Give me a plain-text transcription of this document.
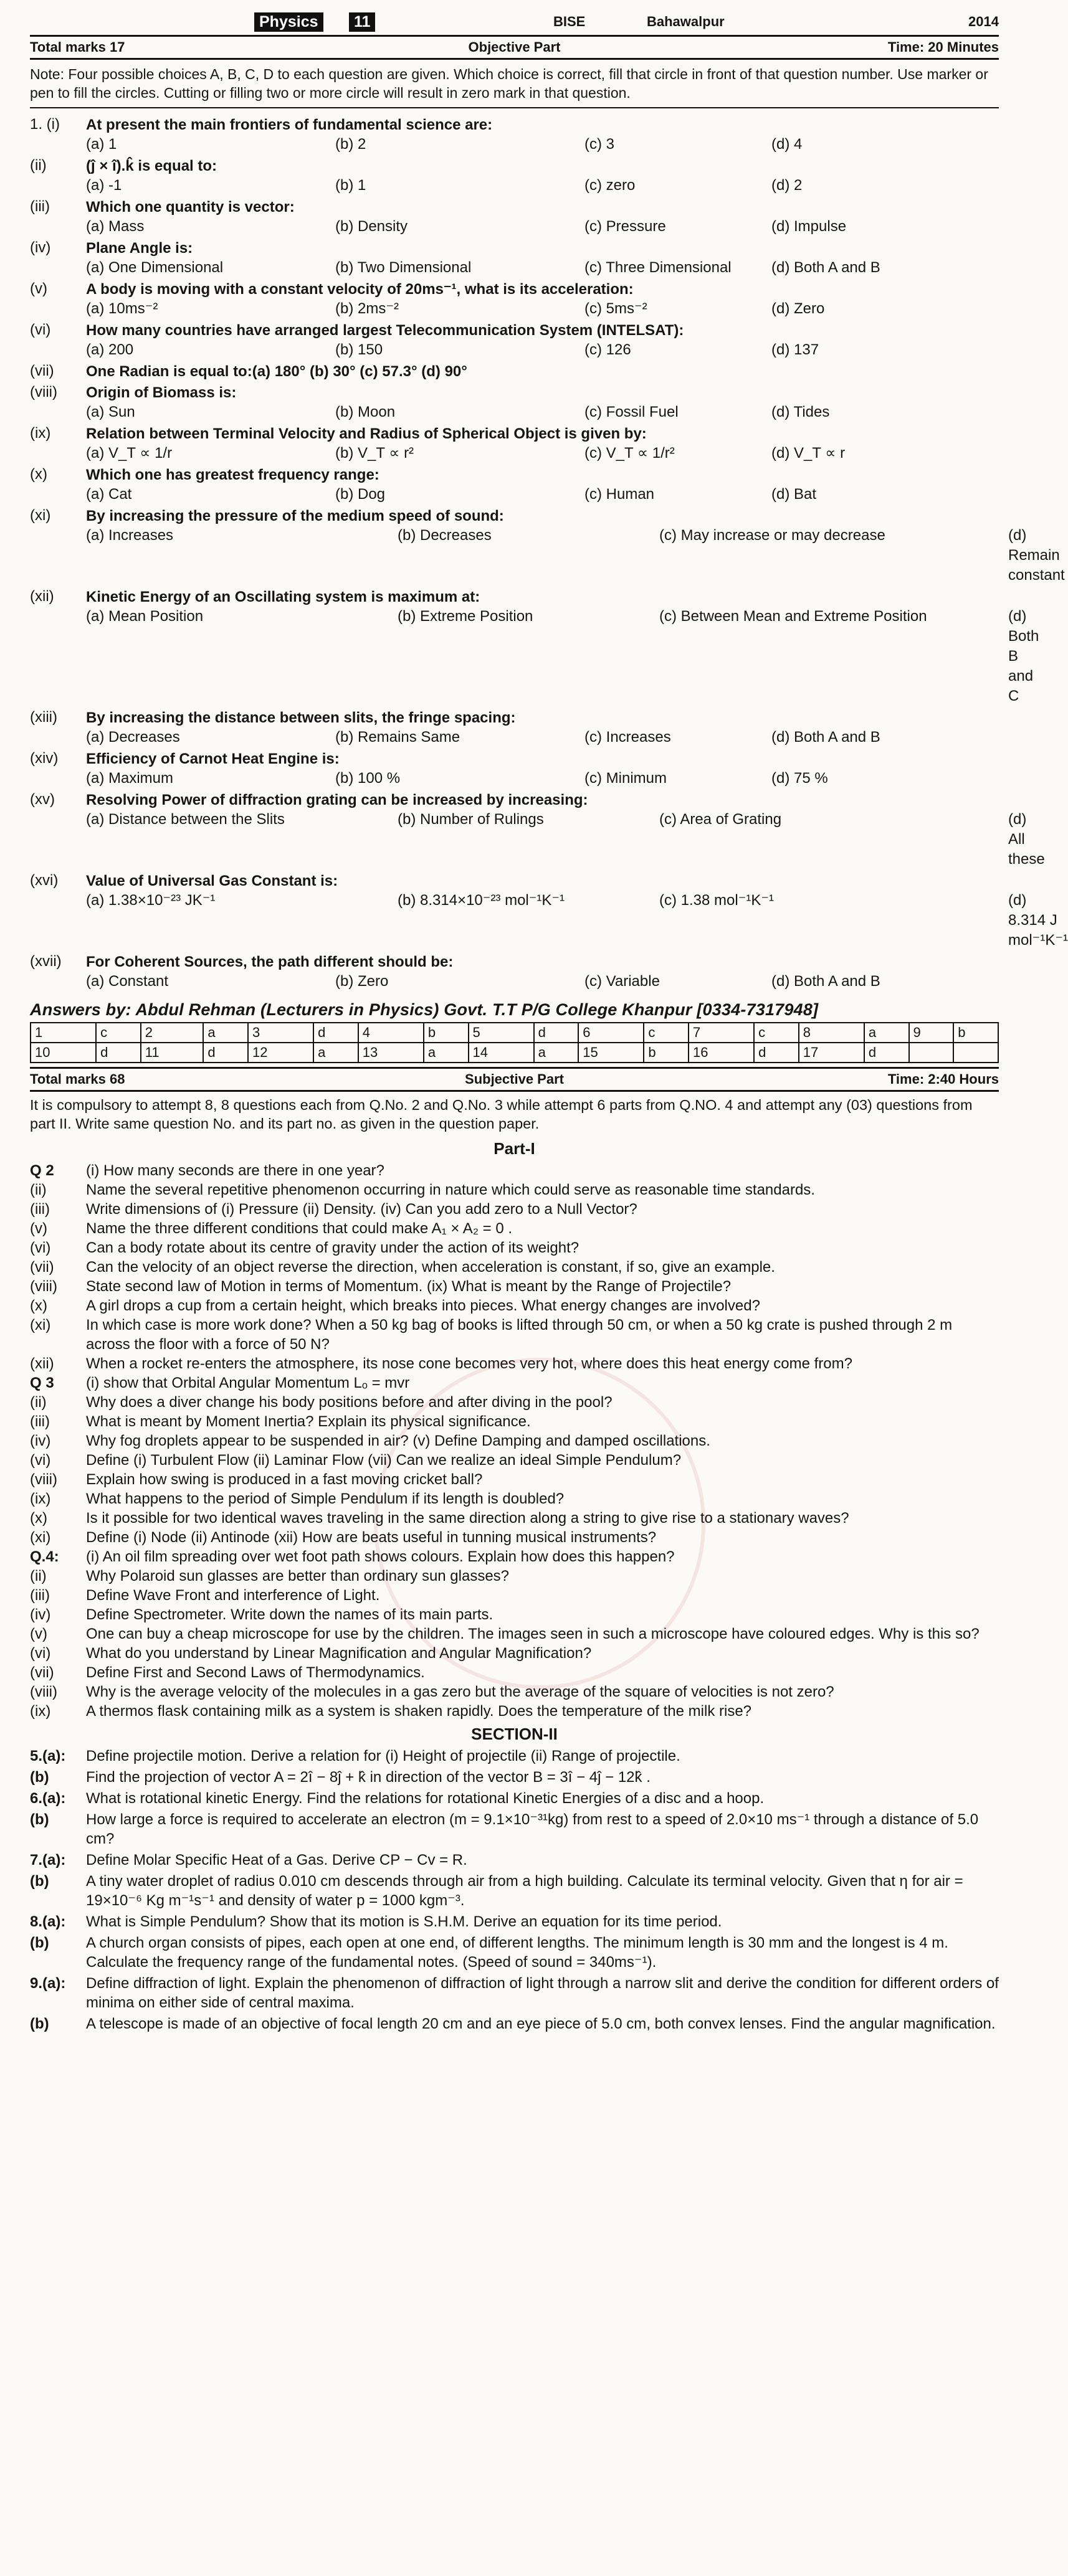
Physics	11	BISE	Bahawalpur	2014
Total marks 17	Objective Part	Time: 20 Minutes
Note: Four possible choices A, B, C, D to each question are given. Which choice is correct, fill that circle in front of that question number. Use marker or pen to fill the circles. Cutting or filling two or more circle will result in zero mark in that question.
1. (i)	At present the main frontiers of fundamental science are:
(a) 1	(b) 2	(c) 3	(d) 4
(ii)	(ĵ × î).k̂ is equal to:
(a) -1	(b) 1	(c) zero	(d) 2
(iii)	Which one quantity is vector:
(a) Mass	(b) Density	(c) Pressure	(d) Impulse
(iv)	Plane Angle is:
(a) One Dimensional	(b) Two Dimensional	(c) Three Dimensional	(d) Both A and B
(v)	A body is moving with a constant velocity of 20ms⁻¹, what is its acceleration:
(a) 10ms⁻²	(b) 2ms⁻²	(c) 5ms⁻²	(d) Zero
(vi)	How many countries have arranged largest Telecommunication System (INTELSAT):
(a) 200	(b) 150	(c) 126	(d) 137
(vii)	One Radian is equal to:(a) 180° (b) 30° (c) 57.3° (d) 90°
(viii)	Origin of Biomass is:
(a) Sun	(b) Moon	(c) Fossil Fuel	(d) Tides
(ix)	Relation between Terminal Velocity and Radius of Spherical Object is given by:
(a) V_T ∝ 1/r	(b) V_T ∝ r²	(c) V_T ∝ 1/r²	(d) V_T ∝ r
(x)	Which one has greatest frequency range:
(a) Cat	(b) Dog	(c) Human	(d) Bat
(xi)	By increasing the pressure of the medium speed of sound:
(a) Increases	(b) Decreases	(c) May increase or may decrease	(d) Remain constant
(xii)	Kinetic Energy of an Oscillating system is maximum at:
(a) Mean Position	(b) Extreme Position	(c) Between Mean and Extreme Position	(d) Both B and C
(xiii)	By increasing the distance between slits, the fringe spacing:
(a) Decreases	(b) Remains Same	(c) Increases	(d) Both A and B
(xiv)	Efficiency of Carnot Heat Engine is:
(a) Maximum	(b) 100 %	(c) Minimum	(d) 75 %
(xv)	Resolving Power of diffraction grating can be increased by increasing:
(a) Distance between the Slits	(b) Number of Rulings	(c) Area of Grating	(d) All these
(xvi)	Value of Universal Gas Constant is:
(a) 1.38×10⁻²³ JK⁻¹	(b) 8.314×10⁻²³ mol⁻¹K⁻¹	(c) 1.38 mol⁻¹K⁻¹	(d) 8.314 J mol⁻¹K⁻¹
(xvii)	For Coherent Sources, the path different should be:
(a) Constant	(b) Zero	(c) Variable	(d) Both A and B
Answers by: Abdul Rehman (Lecturers in Physics) Govt. T.T P/G College Khanpur [0334-7317948]
1	c	2	a	3	d	4	b	5	d	6	c	7	c	8	a	9	b
10	d	11	d	12	a	13	a	14	a	15	b	16	d	17	d		
Total marks 68	Subjective Part	Time: 2:40 Hours
It is compulsory to attempt 8, 8 questions each from Q.No. 2 and Q.No. 3 while attempt 6 parts from Q.NO. 4 and attempt any (03) questions from part II. Write same question No. and its part no. as given in the question paper.
Part-I
Q 2	(i) How many seconds are there in one year?
(ii)	Name the several repetitive phenomenon occurring in nature which could serve as reasonable time standards.
(iii)	Write dimensions of (i) Pressure (ii) Density. (iv) Can you add zero to a Null Vector?
(v)	Name the three different conditions that could make A₁ × A₂ = 0 .
(vi)	Can a body rotate about its centre of gravity under the action of its weight?
(vii)	Can the velocity of an object reverse the direction, when acceleration is constant, if so, give an example.
(viii)	State second law of Motion in terms of Momentum. (ix) What is meant by the Range of Projectile?
(x)	A girl drops a cup from a certain height, which breaks into pieces. What energy changes are involved?
(xi)	In which case is more work done? When a 50 kg bag of books is lifted through 50 cm, or when a 50 kg crate is pushed through 2 m across the floor with a force of 50 N?
(xii)	When a rocket re-enters the atmosphere, its nose cone becomes very hot, where does this heat energy come from?
Q 3	(i) show that Orbital Angular Momentum Lₒ = mvr
(ii)	Why does a diver change his body positions before and after diving in the pool?
(iii)	What is meant by Moment Inertia? Explain its physical significance.
(iv)	Why fog droplets appear to be suspended in air? (v) Define Damping and damped oscillations.
(vi)	Define (i) Turbulent Flow (ii) Laminar Flow (vii) Can we realize an ideal Simple Pendulum?
(viii)	Explain how swing is produced in a fast moving cricket ball?
(ix)	What happens to the period of Simple Pendulum if its length is doubled?
(x)	Is it possible for two identical waves traveling in the same direction along a string to give rise to a stationary waves?
(xi)	Define (i) Node (ii) Antinode (xii) How are beats useful in tunning musical instruments?
Q.4:	(i) An oil film spreading over wet foot path shows colours. Explain how does this happen?
(ii)	Why Polaroid sun glasses are better than ordinary sun glasses?
(iii)	Define Wave Front and interference of Light.
(iv)	Define Spectrometer. Write down the names of its main parts.
(v)	One can buy a cheap microscope for use by the children. The images seen in such a microscope have coloured edges. Why is this so?
(vi)	What do you understand by Linear Magnification and Angular Magnification?
(vii)	Define First and Second Laws of Thermodynamics.
(viii)	Why is the average velocity of the molecules in a gas zero but the average of the square of velocities is not zero?
(ix)	A thermos flask containing milk as a system is shaken rapidly. Does the temperature of the milk rise?
SECTION-II
5.(a):	Define projectile motion. Derive a relation for (i) Height of projectile (ii) Range of projectile.
(b)	Find the projection of vector A = 2î − 8ĵ + k̂ in direction of the vector B = 3î − 4ĵ − 12k̂ .
6.(a):	What is rotational kinetic Energy. Find the relations for rotational Kinetic Energies of a disc and a hoop.
(b)	How large a force is required to accelerate an electron (m = 9.1×10⁻³¹kg) from rest to a speed of 2.0×10 ms⁻¹ through a distance of 5.0 cm?
7.(a):	Define Molar Specific Heat of a Gas. Derive CP − Cv = R.
(b)	A tiny water droplet of radius 0.010 cm descends through air from a high building. Calculate its terminal velocity. Given that η for air = 19×10⁻⁶ Kg m⁻¹s⁻¹ and density of water p = 1000 kgm⁻³.
8.(a):	What is Simple Pendulum? Show that its motion is S.H.M. Derive an equation for its time period.
(b)	A church organ consists of pipes, each open at one end, of different lengths. The minimum length is 30 mm and the longest is 4 m. Calculate the frequency range of the fundamental notes. (Speed of sound = 340ms⁻¹).
9.(a):	Define diffraction of light. Explain the phenomenon of diffraction of light through a narrow slit and derive the condition for different orders of minima on either side of central maxima.
(b)	A telescope is made of an objective of focal length 20 cm and an eye piece of 5.0 cm, both convex lenses. Find the angular magnification.
